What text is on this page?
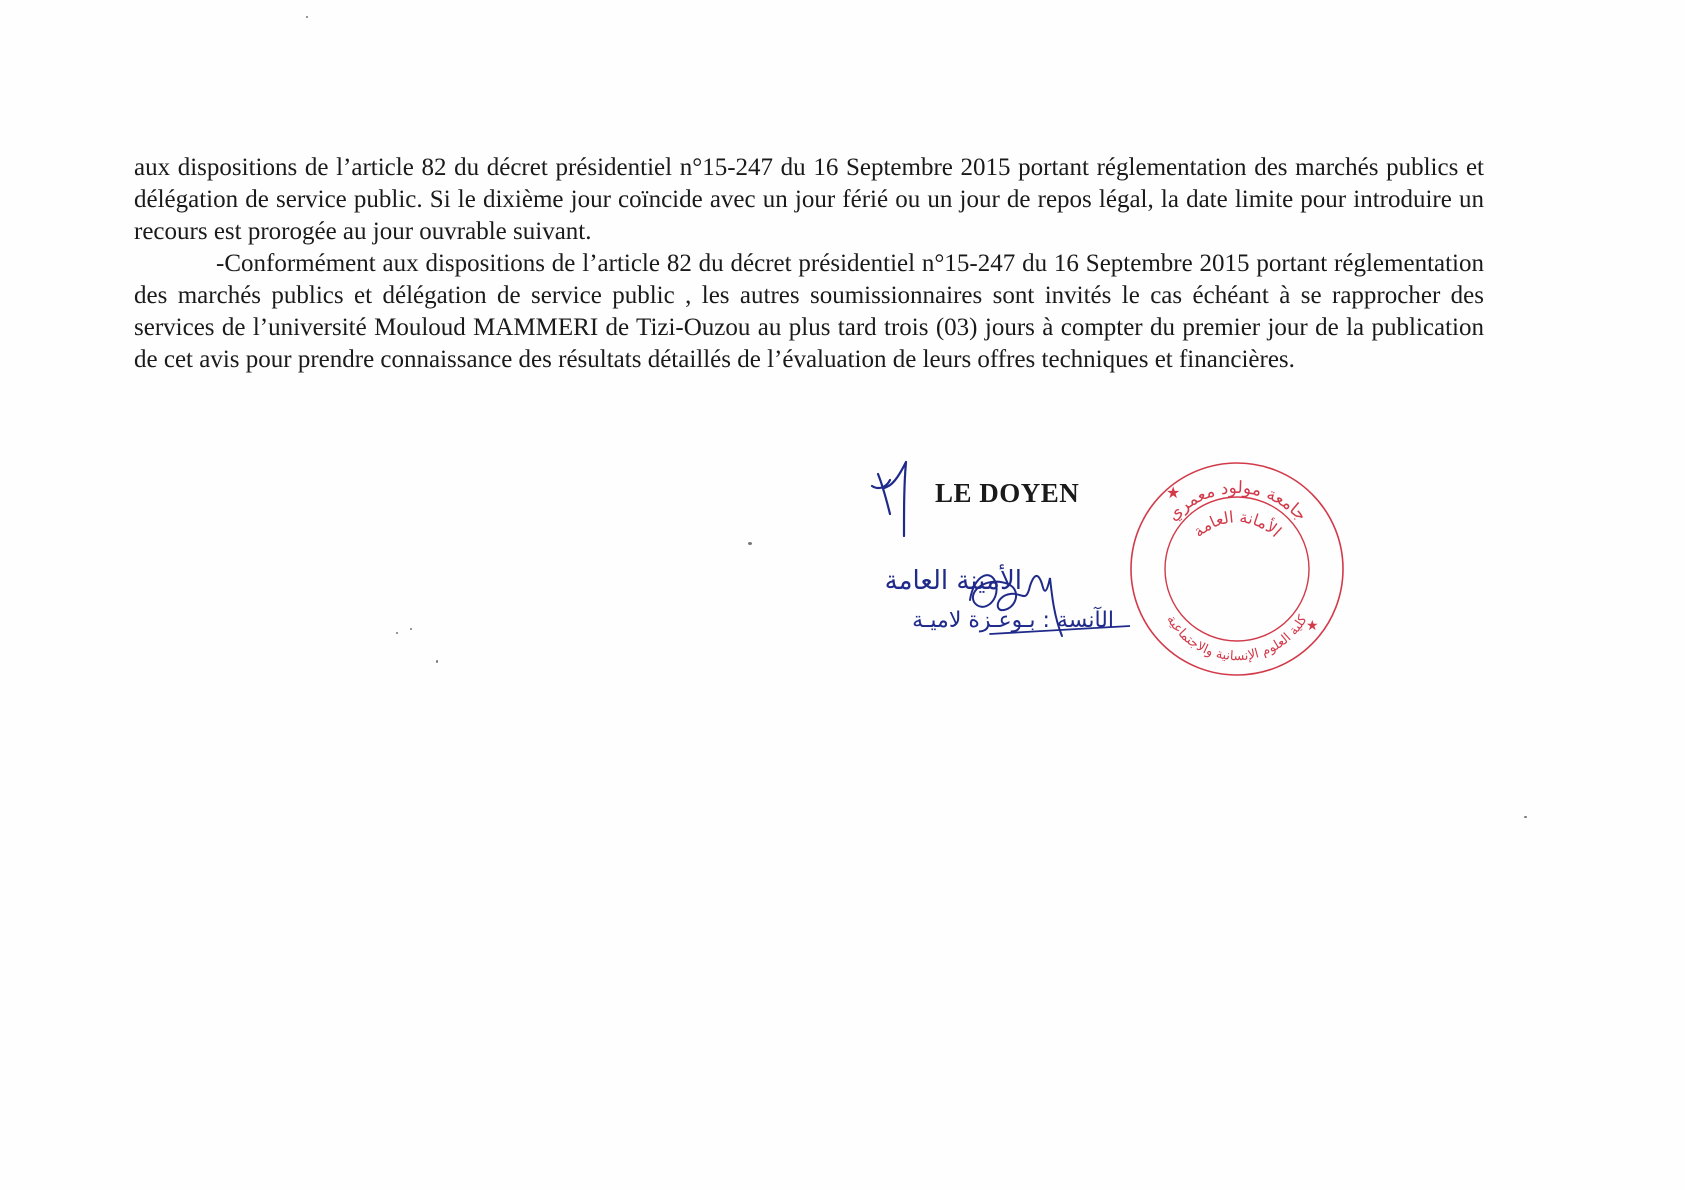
aux dispositions de l’article 82 du décret présidentiel n°15-247 du 16 Septembre 2015 portant réglementation des marchés publics et délégation de service public. Si le dixième jour coïncide avec un jour férié ou un jour de repos légal, la date limite pour introduire un recours est prorogée au jour ouvrable suivant.

-Conformément aux dispositions de l’article 82 du décret présidentiel n°15-247 du 16 Septembre 2015 portant réglementation des marchés publics et délégation de service public , les autres soumissionnaires sont invités le cas échéant à se rapprocher des services de l’université Mouloud MAMMERI de Tizi-Ouzou au plus tard trois (03) jours à compter du premier jour de la publication de cet avis pour prendre connaissance des résultats détaillés de l’évaluation de leurs offres techniques et financières.

LE DOYEN
الأمينة العامة
الآنسة : بـوعـزة لاميـة
جامعة مولود معمري
كلية العلوم الإنسانية والاجتماعية
الأمانة العامة
★
★
